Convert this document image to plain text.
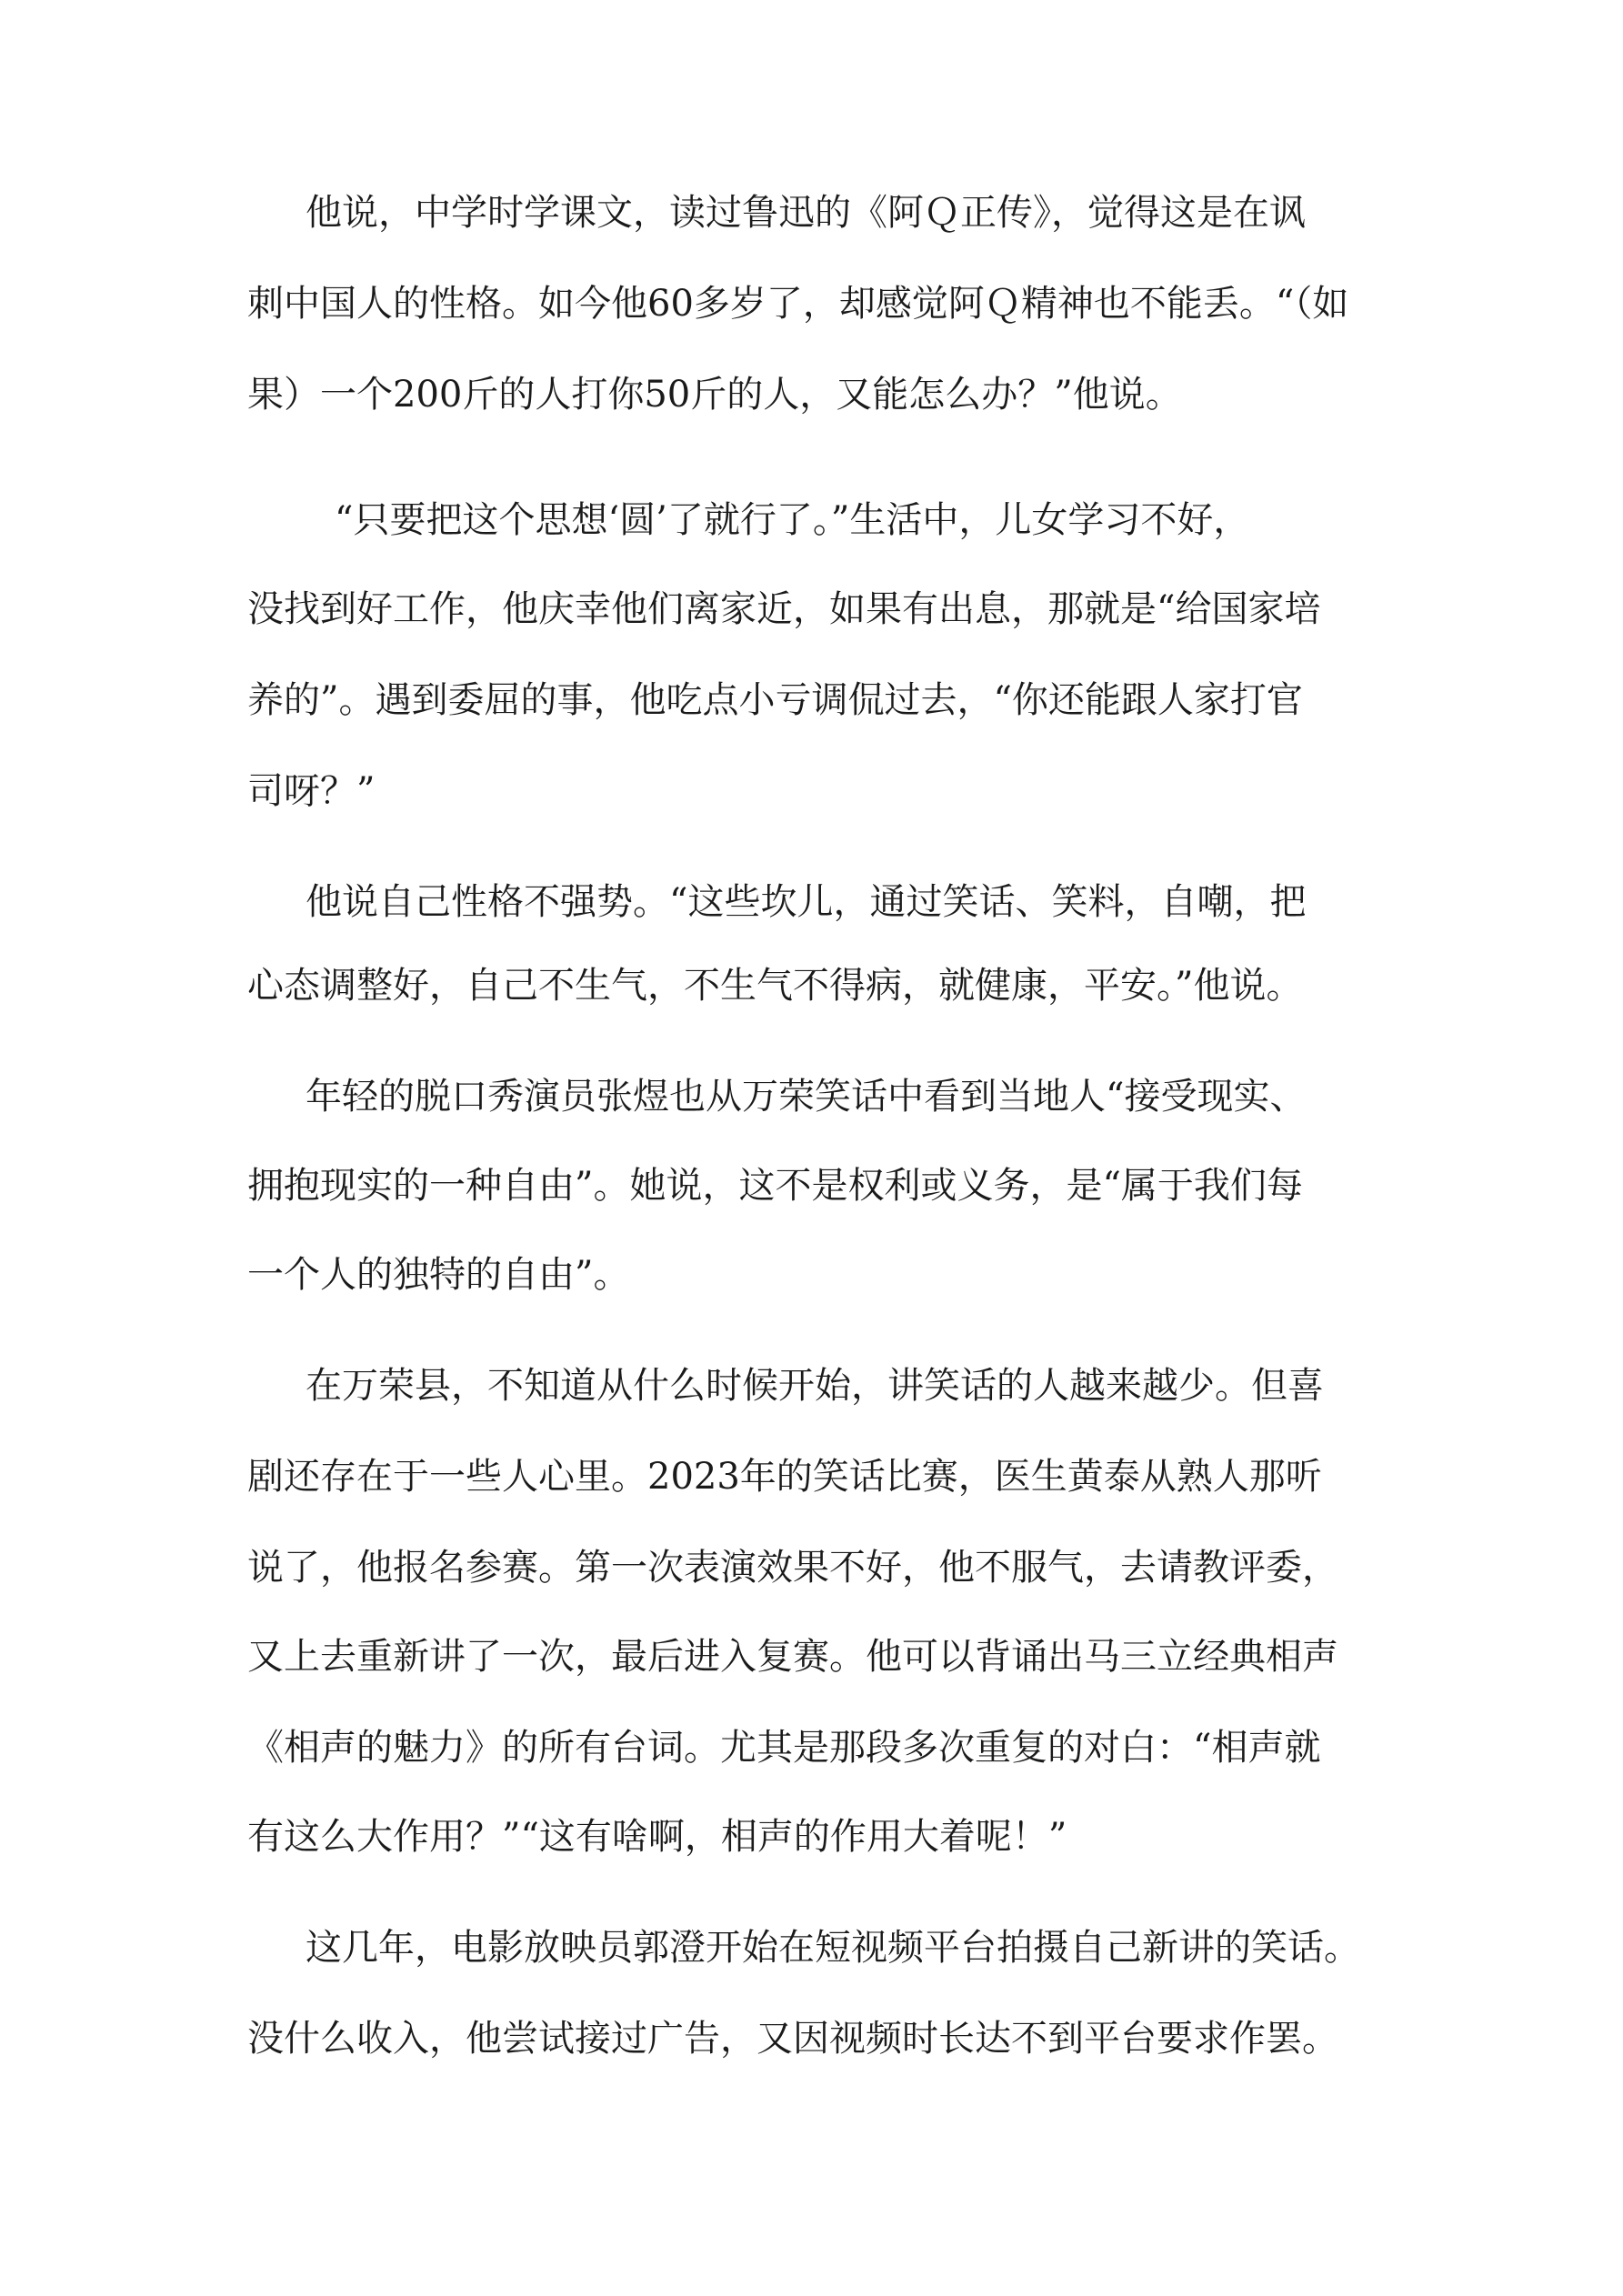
他说，中学时学课文，读过鲁迅的《阿Ｑ正传》，觉得这是在讽
刺中国人的性格。如今他60多岁了，却感觉阿Ｑ精神也不能丢。“（如
果）一个200斤的人打你50斤的人，又能怎么办？”他说。
“只要把这个思想‘圆’了就行了。”生活中，儿女学习不好，
没找到好工作，他庆幸他们离家近，如果有出息，那就是“给国家培
养的”。遇到委屈的事，他吃点小亏调侃过去，“你还能跟人家打官
司呀？”
他说自己性格不强势。“这些坎儿，通过笑话、笑料，自嘲，把
心态调整好，自己不生气，不生气不得病，就健康，平安。”他说。
年轻的脱口秀演员张煜也从万荣笑话中看到当地人“接受现实、
拥抱现实的一种自由”。她说，这不是权利或义务，是“属于我们每
一个人的独特的自由”。
在万荣县，不知道从什么时候开始，讲笑话的人越来越少。但喜
剧还存在于一些人心里。2023年的笑话比赛，医生黄泰从熟人那听
说了，他报名参赛。第一次表演效果不好，他不服气，去请教评委，
又上去重新讲了一次，最后进入复赛。他可以背诵出马三立经典相声
《相声的魅力》的所有台词。尤其是那段多次重复的对白：“相声就
有这么大作用？”“这有啥啊，相声的作用大着呢！”
这几年，电影放映员郭澄开始在短视频平台拍摄自己新讲的笑话。
没什么收入，他尝试接过广告，又因视频时长达不到平台要求作罢。
